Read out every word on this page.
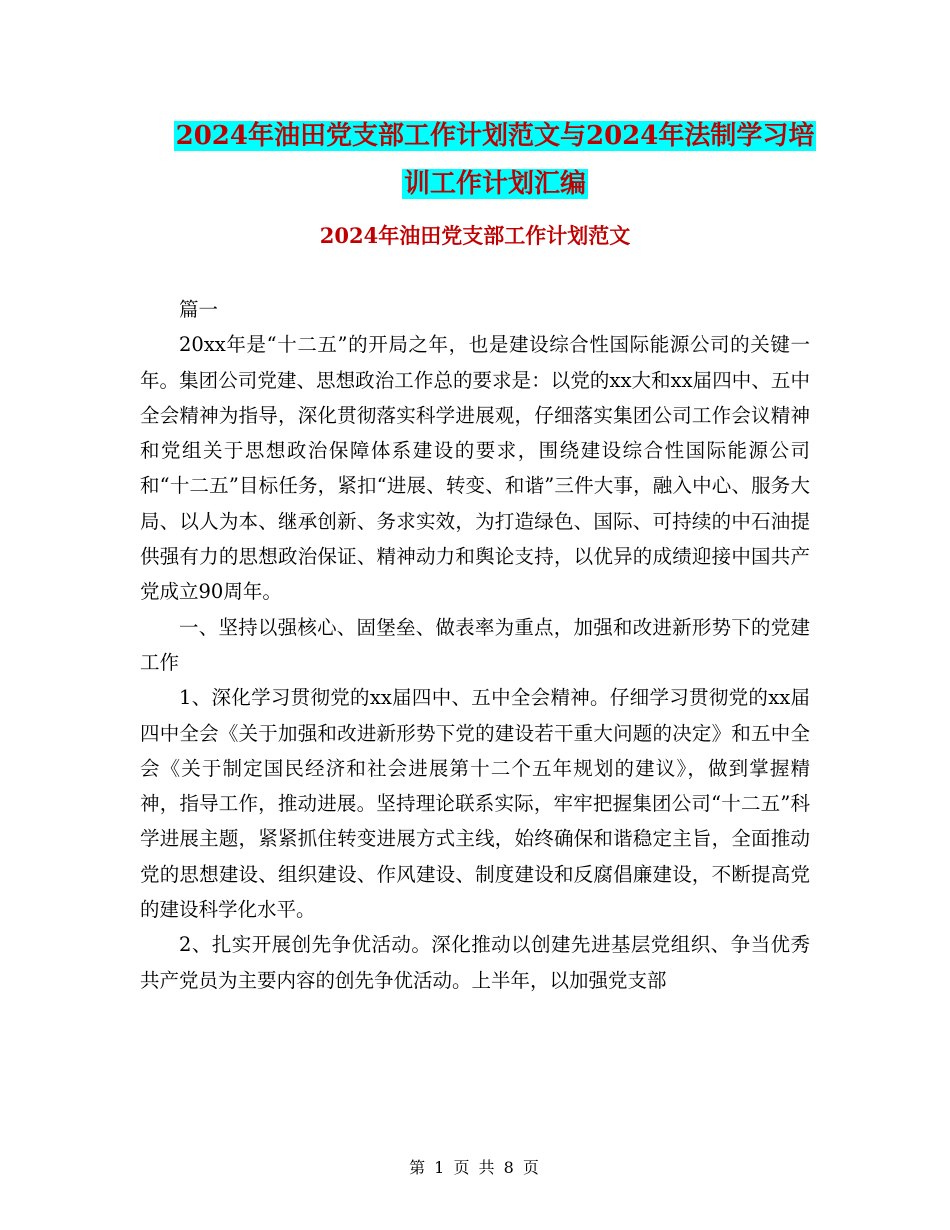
2024年油田党支部工作计划范文与2024年法制学习培
训工作计划汇编
2024年油田党支部工作计划范文

篇一

20xx年是“十二五”的开局之年，也是建设综合性国际能源公司的关键一年。集团公司党建、思想政治工作总的要求是：以党的xx大和xx届四中、五中全会精神为指导，深化贯彻落实科学进展观，仔细落实集团公司工作会议精神和党组关于思想政治保障体系建设的要求，围绕建设综合性国际能源公司和“十二五”目标任务，紧扣“进展、转变、和谐”三件大事，融入中心、服务大局、以人为本、继承创新、务求实效，为打造绿色、国际、可持续的中石油提供强有力的思想政治保证、精神动力和舆论支持，以优异的成绩迎接中国共产党成立90周年。

一、坚持以强核心、固堡垒、做表率为重点，加强和改进新形势下的党建工作

1、深化学习贯彻党的xx届四中、五中全会精神。仔细学习贯彻党的xx届四中全会《关于加强和改进新形势下党的建设若干重大问题的决定》和五中全会《关于制定国民经济和社会进展第十二个五年规划的建议》，做到掌握精神，指导工作，推动进展。坚持理论联系实际，牢牢把握集团公司“十二五”科学进展主题，紧紧抓住转变进展方式主线，始终确保和谐稳定主旨，全面推动党的思想建设、组织建设、作风建设、制度建设和反腐倡廉建设，不断提高党的建设科学化水平。

2、扎实开展创先争优活动。深化推动以创建先进基层党组织、争当优秀共产党员为主要内容的创先争优活动。上半年，以加强党支部

第 1 页 共 8 页
